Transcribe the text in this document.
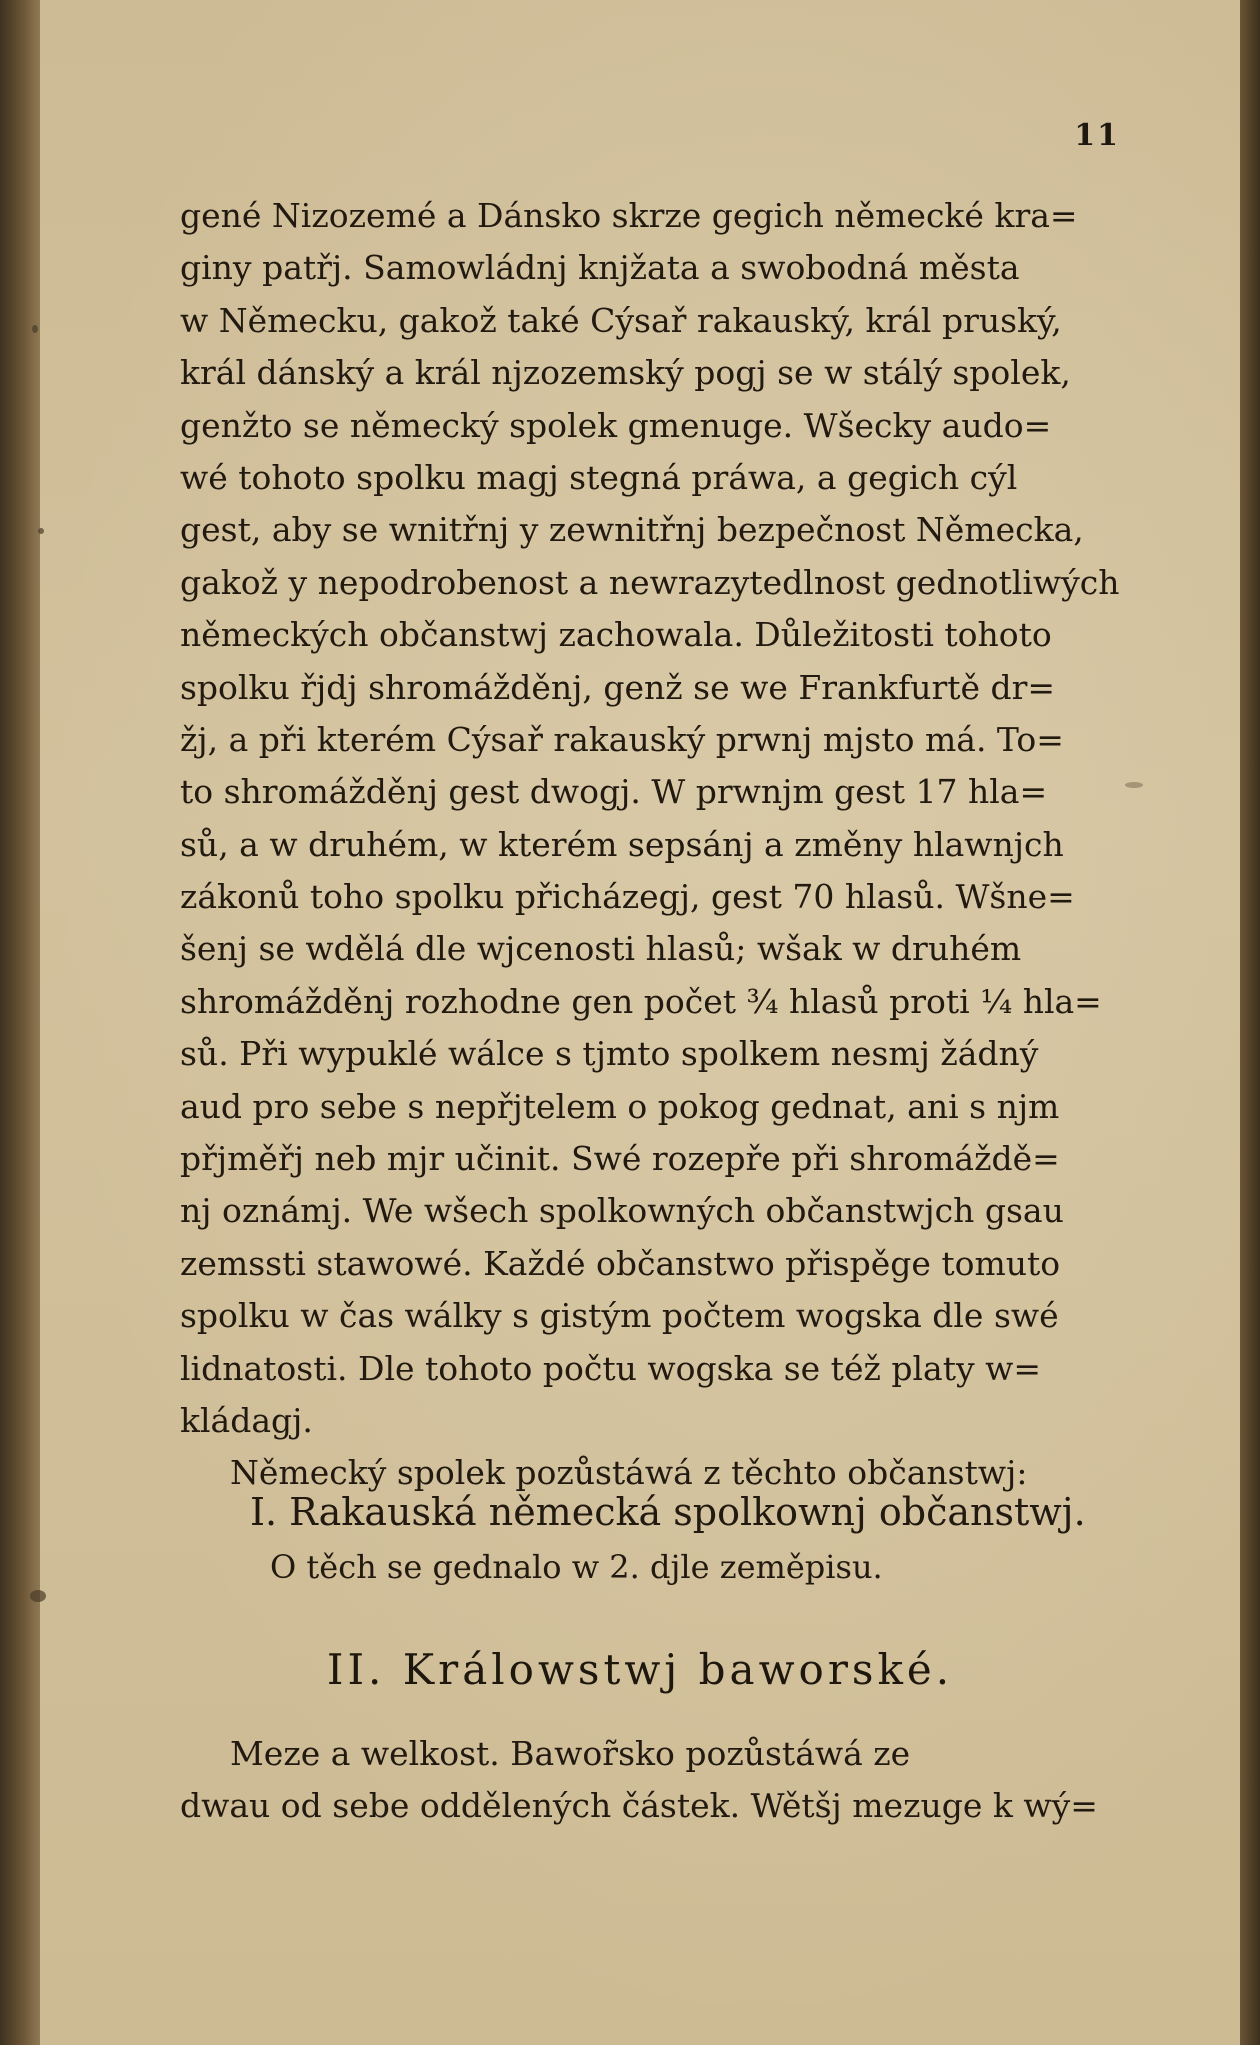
11
gené Nizozemé a Dánsko skrze gegich německé kra=
giny patřj. Samowládnj knjžata a swobodná města
w Německu, gakož také Cýsař rakauský, král pruský,
král dánský a král njzozemský pogj se w stálý spolek,
genžto se německý spolek gmenuge. Wšecky audo=
wé tohoto spolku magj stegná práwa, a gegich cýl
gest, aby se wnitřnj y zewnitřnj bezpečnost Německa,
gakož y nepodrobenost a newrazytedlnost gednotliwých
německých občanstwj zachowala. Důležitosti tohoto
spolku řjdj shromážděnj, genž se we Frankfurtě dr=
žj, a při kterém Cýsař rakauský prwnj mjsto má. To=
to shromážděnj gest dwogj. W prwnjm gest 17 hla=
sů, a w druhém, w kterém sepsánj a změny hlawnjch
zákonů toho spolku přicházegj, gest 70 hlasů. Wšne=
šenj se wdělá dle wjcenosti hlasů; wšak w druhém
shromážděnj rozhodne gen počet ¾ hlasů proti ¼ hla=
sů. Při wypuklé wálce s tjmto spolkem nesmj žádný
aud pro sebe s nepřjtelem o pokog gednat, ani s njm
přjměřj neb mjr učinit. Swé rozepře při shromáždě=
nj oznámj. We wšech spolkowných občanstwjch gsau
zemssti stawowé. Každé občanstwo přispěge tomuto
spolku w čas wálky s gistým počtem wogska dle swé
lidnatosti. Dle tohoto počtu wogska se též platy w=
kládagj.
Německý spolek pozůstáwá z těchto občanstwj:
I. Rakauská německá spolkownj občanstwj.
O těch se gednalo w 2. djle zeměpisu.
II. Králowstwj baworské.
Meze a welkost. Bawor̃sko pozůstáwá ze
dwau od sebe oddělených částek. Wětšj mezuge k wý=
